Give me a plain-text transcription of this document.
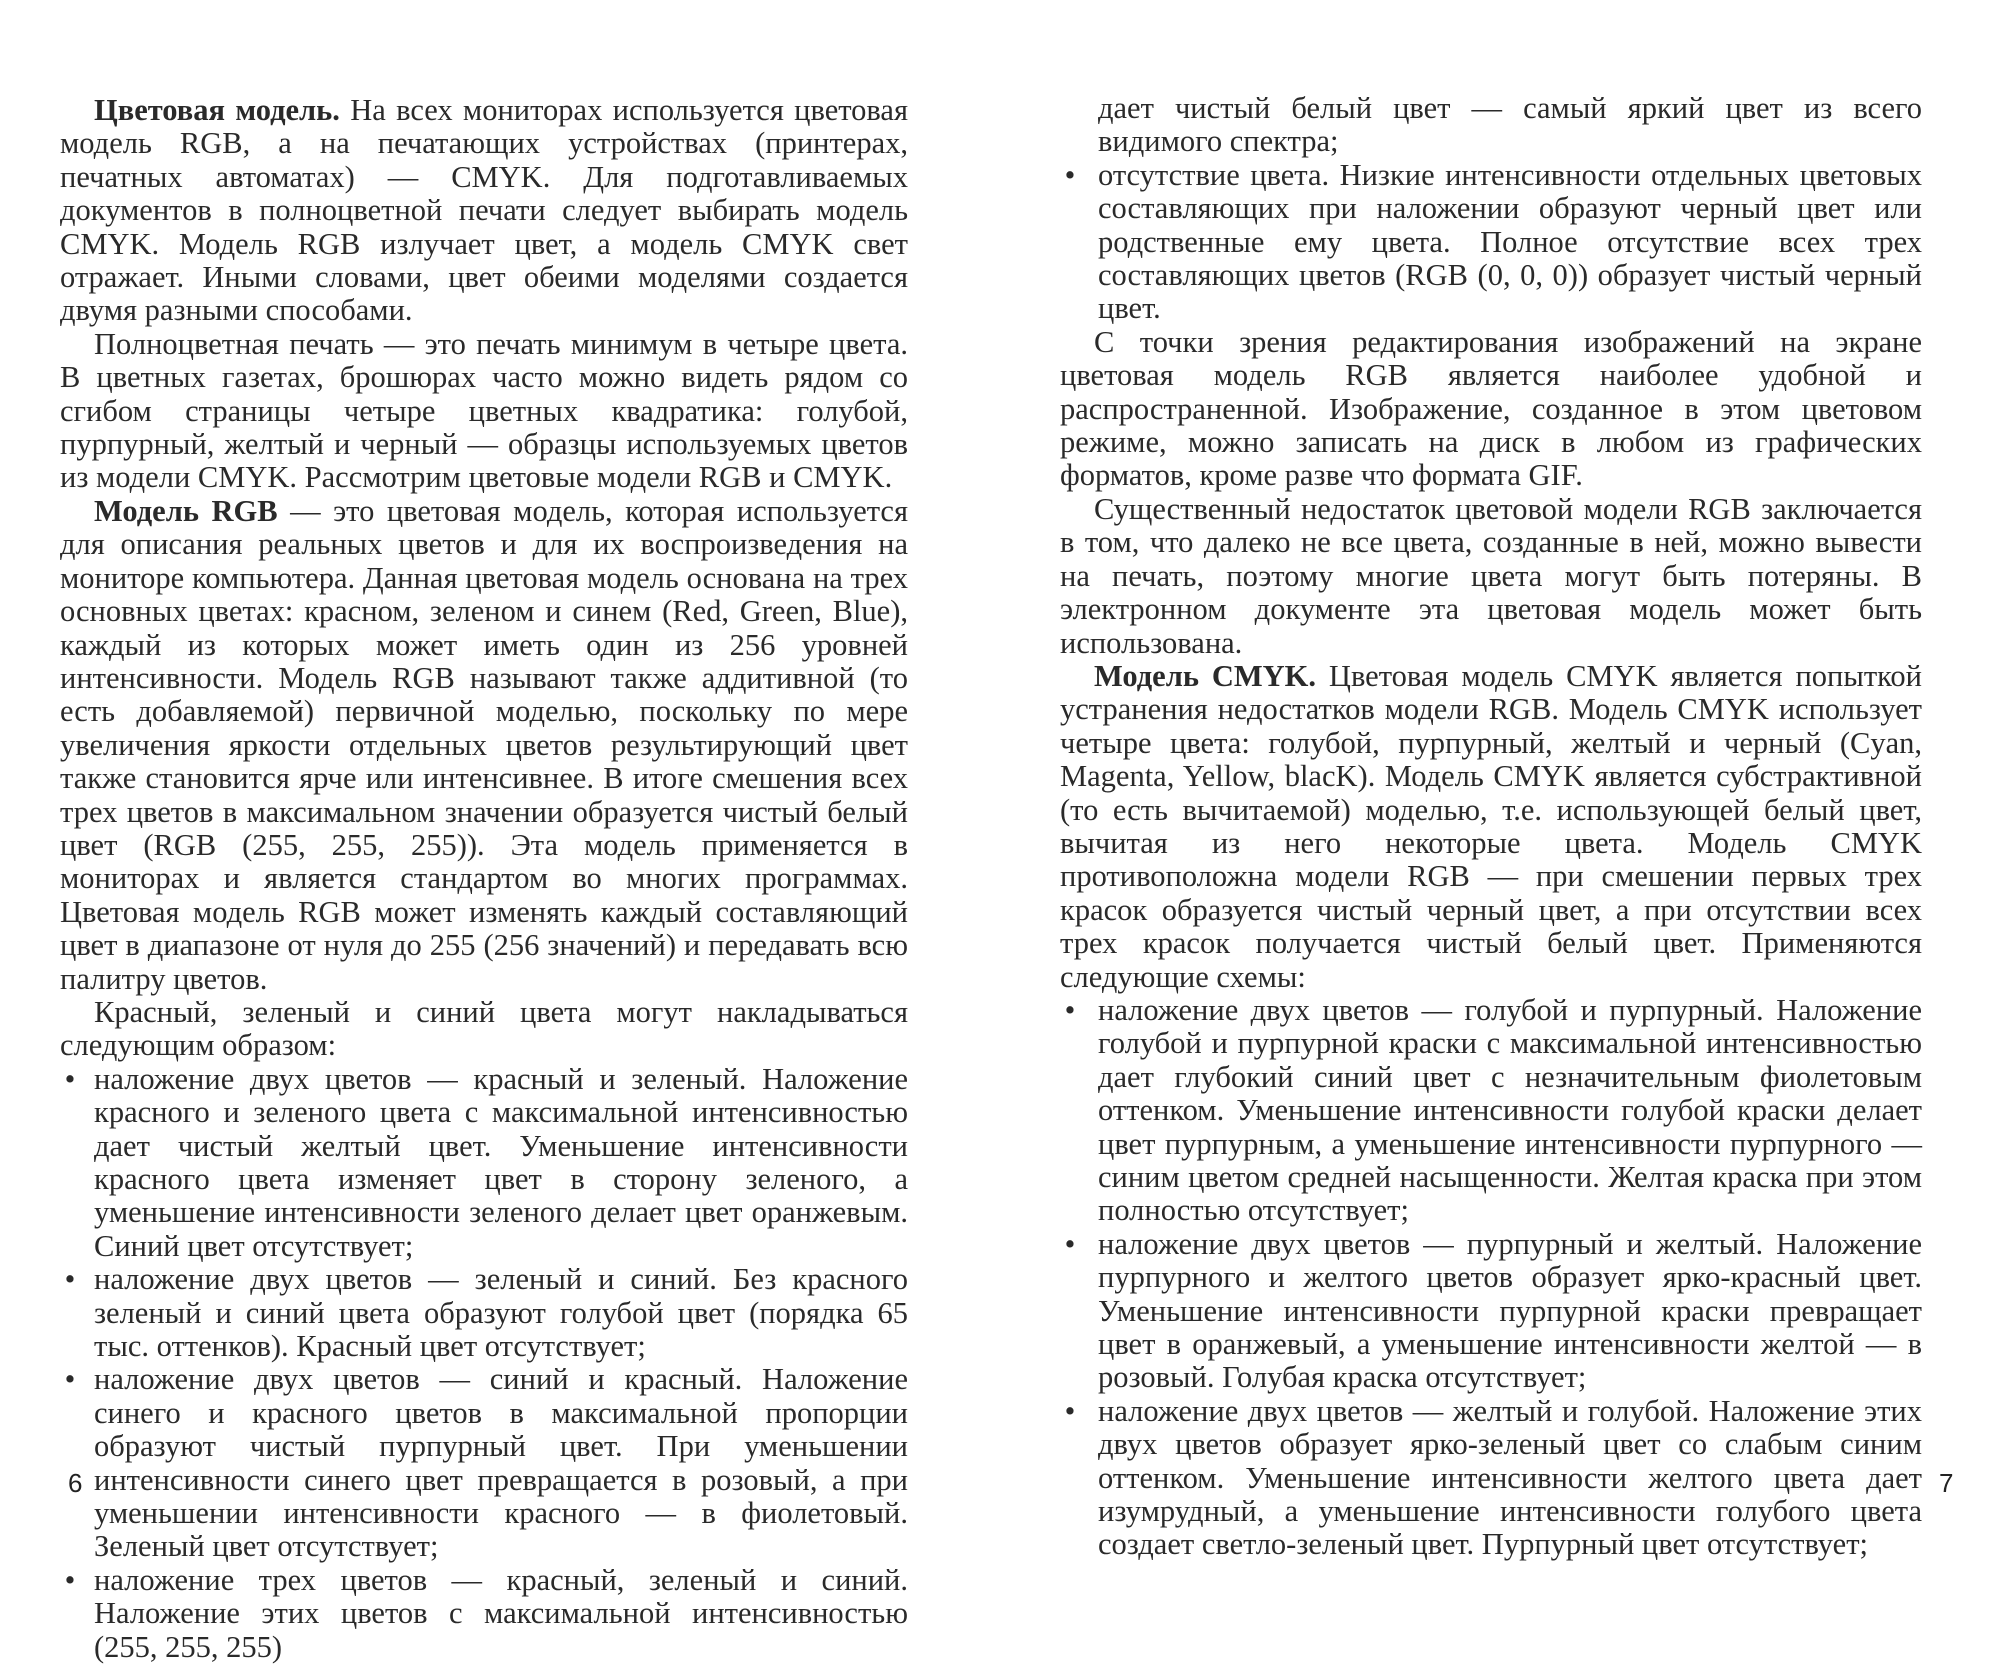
Цветовая модель. На всех мониторах используется цветовая модель RGB, а на печатающих устройствах (принтерах, печатных автоматах) — CMYK. Для подготавливаемых документов в полноцветной печати следует выбирать модель CMYK. Модель RGB излучает цвет, а модель CMYK свет отражает. Иными словами, цвет обеими моделями создается двумя разными способами.

Полноцветная печать — это печать минимум в четыре цвета. В цветных газетах, брошюрах часто можно видеть рядом со сгибом страницы четыре цветных квадратика: голубой, пурпурный, желтый и черный — образцы используемых цветов из модели CMYK. Рассмотрим цветовые модели RGB и CMYK.

Модель RGB — это цветовая модель, которая используется для описания реальных цветов и для их воспроизведения на мониторе компьютера. Данная цветовая модель основана на трех основных цветах: красном, зеленом и синем (Red, Green, Blue), каждый из которых может иметь один из 256 уровней интенсивности. Модель RGB называют также аддитивной (то есть добавляемой) первичной моделью, поскольку по мере увеличения яркости отдельных цветов результирующий цвет также становится ярче или интенсивнее. В итоге смешения всех трех цветов в максимальном значении образуется чистый белый цвет (RGB (255, 255, 255)). Эта модель применяется в мониторах и является стандартом во многих программах. Цветовая модель RGB может изменять каждый составляющий цвет в диапазоне от нуля до 255 (256 значений) и передавать всю палитру цветов.

Красный, зеленый и синий цвета могут накладываться следующим образом:

• наложение двух цветов — красный и зеленый. Наложение красного и зеленого цвета с максимальной интенсивностью дает чистый желтый цвет. Уменьшение интенсивности красного цвета изменяет цвет в сторону зеленого, а уменьшение интенсивности зеленого делает цвет оранжевым. Синий цвет отсутствует;
• наложение двух цветов — зеленый и синий. Без красного зеленый и синий цвета образуют голубой цвет (порядка 65 тыс. оттенков). Красный цвет отсутствует;
• наложение двух цветов — синий и красный. Наложение синего и красного цветов в максимальной пропорции образуют чистый пурпурный цвет. При уменьшении интенсивности синего цвет превращается в розовый, а при уменьшении интенсивности красного — в фиолетовый. Зеленый цвет отсутствует;
• наложение трех цветов — красный, зеленый и синий. Наложение этих цветов с максимальной интенсивностью (255, 255, 255)
6
дает чистый белый цвет — самый яркий цвет из всего видимого спектра;
• отсутствие цвета. Низкие интенсивности отдельных цветовых составляющих при наложении образуют черный цвет или родственные ему цвета. Полное отсутствие всех трех составляющих цветов (RGB (0, 0, 0)) образует чистый черный цвет.

С точки зрения редактирования изображений на экране цветовая модель RGB является наиболее удобной и распространенной. Изображение, созданное в этом цветовом режиме, можно записать на диск в любом из графических форматов, кроме разве что формата GIF.

Существенный недостаток цветовой модели RGB заключается в том, что далеко не все цвета, созданные в ней, можно вывести на печать, поэтому многие цвета могут быть потеряны. В электронном документе эта цветовая модель может быть использована.

Модель CMYK. Цветовая модель CMYK является попыткой устранения недостатков модели RGB. Модель CMYK использует четыре цвета: голубой, пурпурный, желтый и черный (Cyan, Magenta, Yellow, blacK). Модель CMYK является субстрактивной (то есть вычитаемой) моделью, т.е. использующей белый цвет, вычитая из него некоторые цвета. Модель CMYK противоположна модели RGB — при смешении первых трех красок образуется чистый черный цвет, а при отсутствии всех трех красок получается чистый белый цвет. Применяются следующие схемы:

• наложение двух цветов — голубой и пурпурный. Наложение голубой и пурпурной краски с максимальной интенсивностью дает глубокий синий цвет с незначительным фиолетовым оттенком. Уменьшение интенсивности голубой краски делает цвет пурпурным, а уменьшение интенсивности пурпурного — синим цветом средней насыщенности. Желтая краска при этом полностью отсутствует;
• наложение двух цветов — пурпурный и желтый. Наложение пурпурного и желтого цветов образует ярко-красный цвет. Уменьшение интенсивности пурпурной краски превращает цвет в оранжевый, а уменьшение интенсивности желтой — в розовый. Голубая краска отсутствует;
• наложение двух цветов — желтый и голубой. Наложение этих двух цветов образует ярко-зеленый цвет со слабым синим оттенком. Уменьшение интенсивности желтого цвета дает изумрудный, а уменьшение интенсивности голубого цвета создает светло-зеленый цвет. Пурпурный цвет отсутствует;
7
